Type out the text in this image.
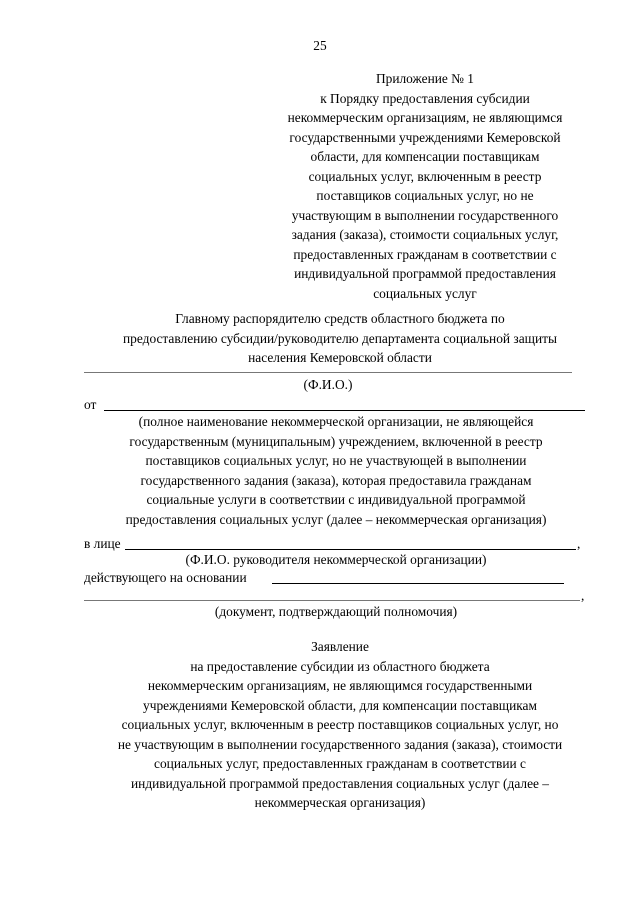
25
Приложение № 1
к Порядку предоставления субсидии
некоммерческим организациям, не являющимся
государственными учреждениями Кемеровской
области, для компенсации поставщикам
социальных услуг, включенным в реестр
поставщиков социальных услуг, но не
участвующим в выполнении государственного
задания (заказа), стоимости социальных услуг,
предоставленных гражданам в соответствии с
индивидуальной программой предоставления
социальных услуг
Главному распорядителю средств областного бюджета по
предоставлению субсидии/руководителю департамента социальной защиты
населения Кемеровской области
(Ф.И.О.)
от
(полное наименование некоммерческой организации, не являющейся
государственным (муниципальным) учреждением, включенной в реестр
поставщиков социальных услуг, но не участвующей в выполнении
государственного задания (заказа), которая предоставила гражданам
социальные услуги в соответствии с индивидуальной программой
предоставления социальных услуг (далее – некоммерческая организация)
в лице	,
(Ф.И.О. руководителя некоммерческой организации)
действующего на основании
,
(документ, подтверждающий полномочия)
Заявление
на предоставление субсидии из областного бюджета
некоммерческим организациям, не являющимся государственными
учреждениями Кемеровской области, для компенсации поставщикам
социальных услуг, включенным в реестр поставщиков социальных услуг, но
не участвующим в выполнении государственного задания (заказа), стоимости
социальных услуг, предоставленных гражданам в соответствии с
индивидуальной программой предоставления социальных услуг (далее –
некоммерческая организация)
